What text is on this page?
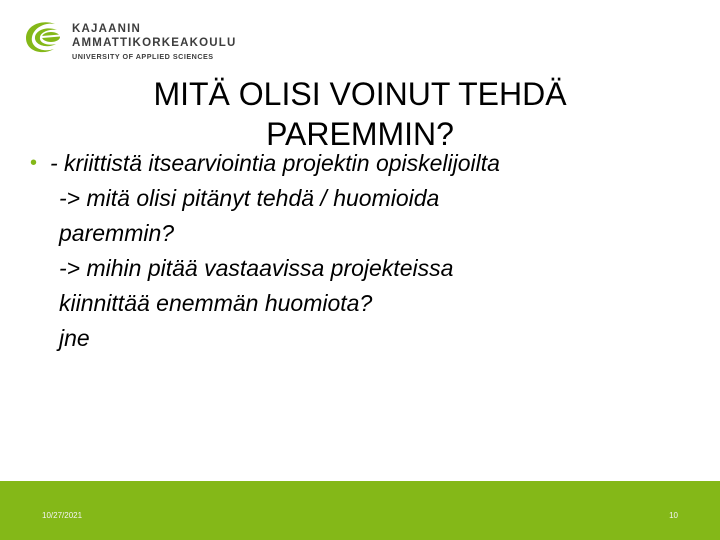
KAJAANIN
AMMATTIKORKEAKOULU
UNIVERSITY OF APPLIED SCIENCES
MITÄ OLISI VOINUT TEHDÄ
PAREMMIN?
• - kriittistä itsearviointia projektin opiskelijoilta
-> mitä olisi pitänyt tehdä / huomioida
paremmin?
-> mihin pitää vastaavissa projekteissa
kiinnittää enemmän huomiota?
jne
10/27/2021	10
